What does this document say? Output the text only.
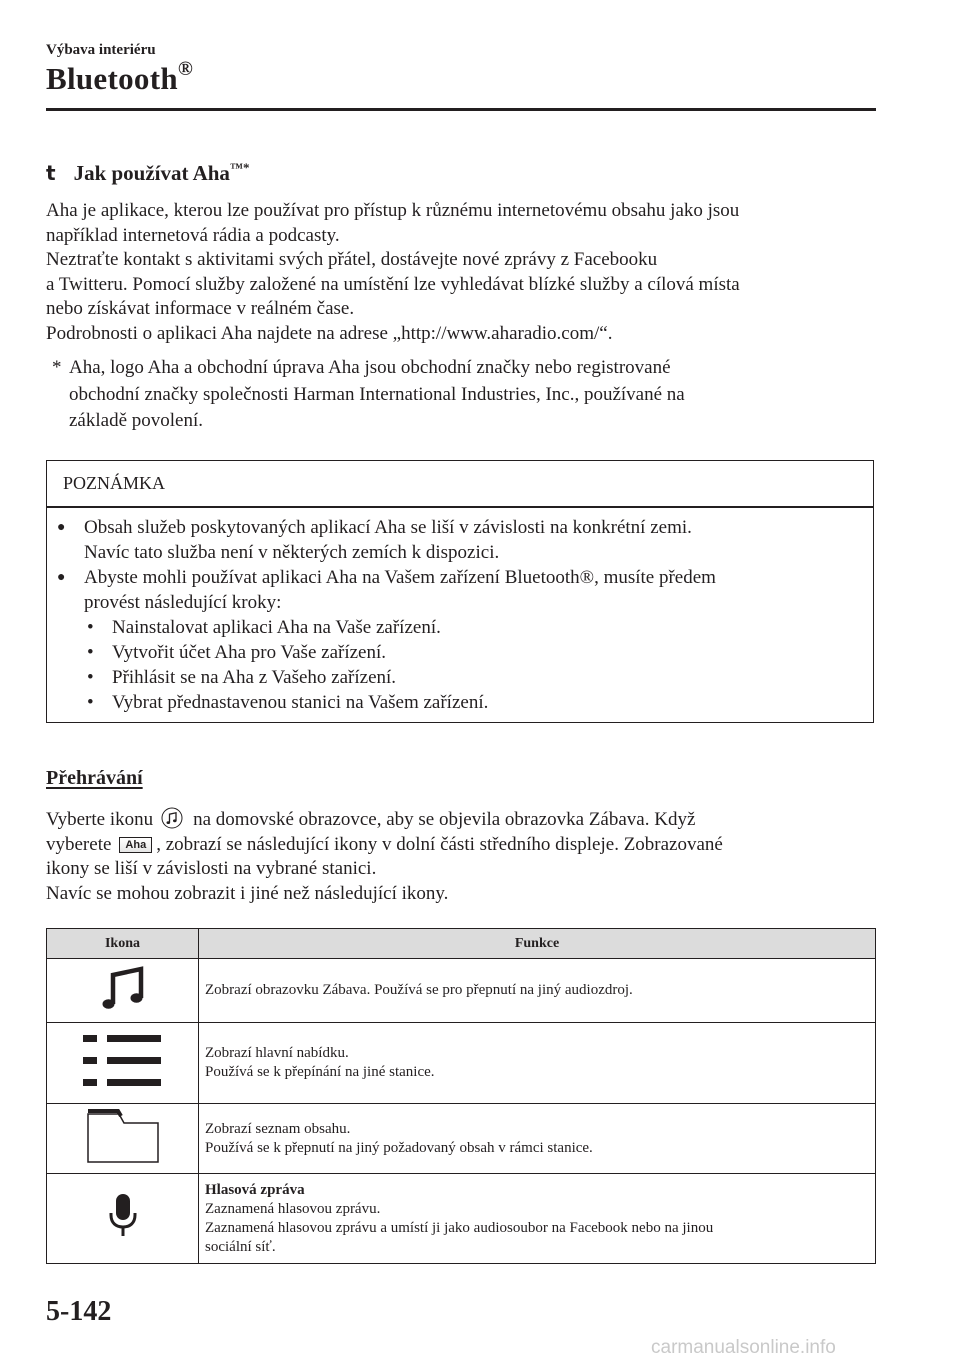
Výbava interiéru
Bluetooth®
t Jak používat Aha™*

Aha je aplikace, kterou lze používat pro přístup k různému internetovému obsahu jako jsou

například internetová rádia a podcasty.

Neztraťte kontakt s aktivitami svých přátel, dostávejte nové zprávy z Facebooku

a Twitteru. Pomocí služby založené na umístění lze vyhledávat blízké služby a cílová místa

nebo získávat informace v reálném čase.

Podrobnosti o aplikaci Aha najdete na adrese „http://www.aharadio.com/“.

* Aha, logo Aha a obchodní úprava Aha jsou obchodní značky nebo registrované
obchodní značky společnosti Harman International Industries, Inc., používané na
základě povolení.
POZNÁMKA
● Obsah služeb poskytovaných aplikací Aha se liší v závislosti na konkrétní zemi.
Navíc tato služba není v některých zemích k dispozici.
● Abyste mohli používat aplikaci Aha na Vašem zařízení Bluetooth®, musíte předem
provést následující kroky:
• Nainstalovat aplikaci Aha na Vaše zařízení.
• Vytvořit účet Aha pro Vaše zařízení.
• Přihlásit se na Aha z Vašeho zařízení.
• Vybrat přednastavenou stanici na Vašem zařízení.
Přehrávání

Vyberte ikonu na domovské obrazovce, aby se objevila obrazovka Zábava. Když

vyberete Aha , zobrazí se následující ikony v dolní části středního displeje. Zobrazované

ikony se liší v závislosti na vybrané stanici.

Navíc se mohou zobrazit i jiné než následující ikony.

Ikona	Funkce

Zobrazí obrazovku Zábava. Používá se pro přepnutí na jiný audiozdroj.

Zobrazí hlavní nabídku.
Používá se k přepínání na jiné stanice.

Zobrazí seznam obsahu.
Používá se k přepnutí na jiný požadovaný obsah v rámci stanice.

Hlasová zpráva
Zaznamená hlasovou zprávu.
Zaznamená hlasovou zprávu a umístí ji jako audiosoubor na Facebook nebo na jinou
sociální síť.
5-142
carmanualsonline.info
